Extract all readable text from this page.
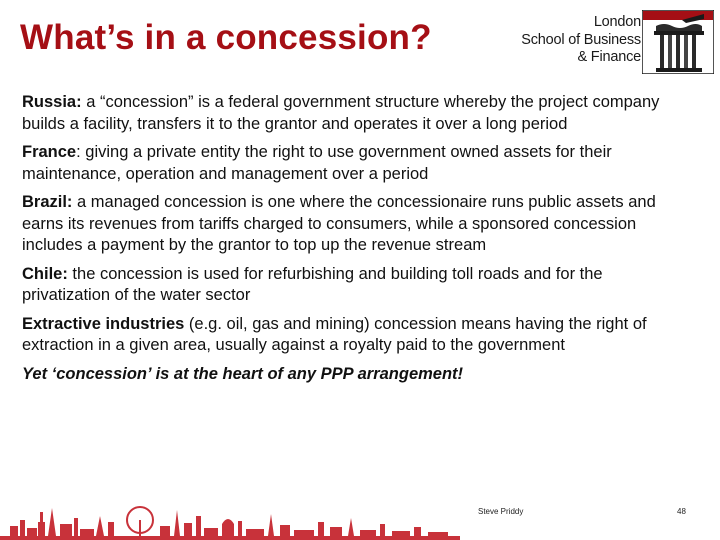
What’s in a concession?	London
School of Business
& Finance

Russia: a “concession” is a federal government structure whereby the project company builds a facility, transfers it to the grantor and operates it over a long period

France: giving a private entity the right to use government owned assets for their maintenance, operation and management over a period

Brazil: a managed concession is one where the concessionaire runs public assets and earns its revenues from tariffs charged to consumers, while a sponsored concession includes a payment by the grantor to top up the revenue stream

Chile: the concession is used for refurbishing and building toll roads and for the privatization of the water sector

Extractive industries (e.g. oil, gas and mining) concession means having the right of extraction in a given area, usually against a royalty paid to the government

Yet ‘concession’ is at the heart of any PPP arrangement!

Steve Priddy	48
